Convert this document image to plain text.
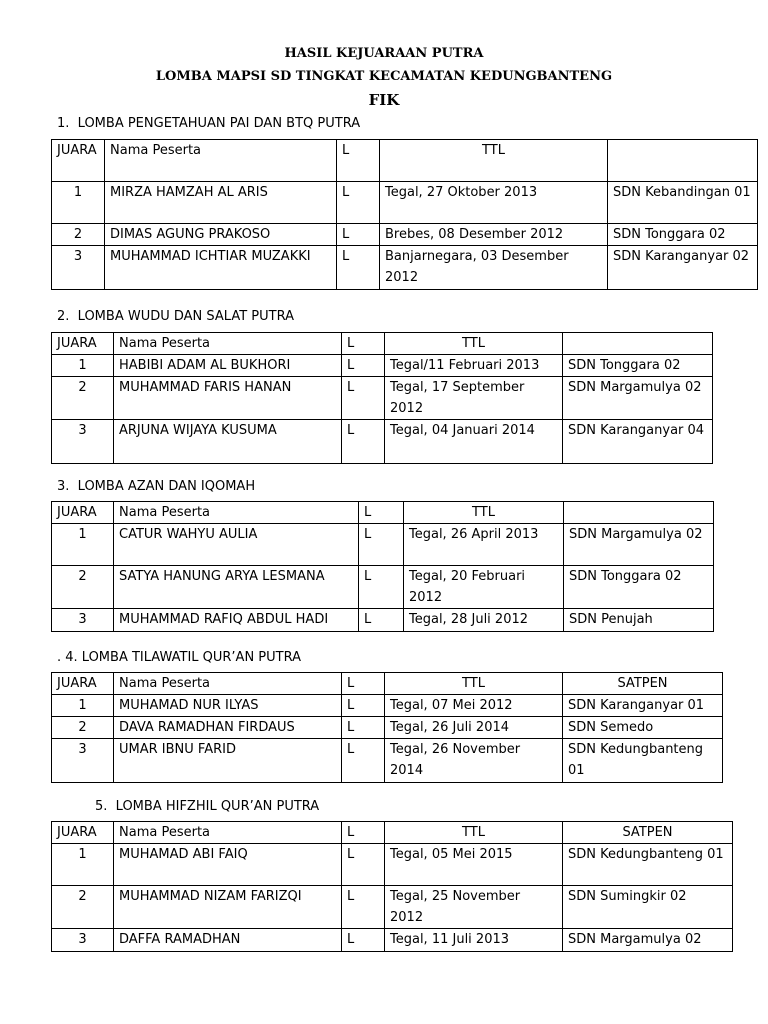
HASIL KEJUARAAN PUTRA
LOMBA MAPSI SD TINGKAT KECAMATAN KEDUNGBANTENG
FIK
1.  LOMBA PENGETAHUAN PAI DAN BTQ PUTRA
JUARA	Nama Peserta	L	TTL	
1	MIRZA HAMZAH AL ARIS	L	Tegal, 27 Oktober 2013	SDN Kebandingan 01
2	DIMAS AGUNG PRAKOSO	L	Brebes, 08 Desember 2012	SDN Tonggara 02
3	MUHAMMAD ICHTIAR MUZAKKI	L	Banjarnegara, 03 Desember 2012	SDN Karanganyar 02
2.  LOMBA WUDU DAN SALAT PUTRA
JUARA	Nama Peserta	L	TTL	
1	HABIBI ADAM AL BUKHORI	L	Tegal/11 Februari 2013	SDN Tonggara 02
2	MUHAMMAD FARIS HANAN	L	Tegal, 17 September 2012	SDN Margamulya 02
3	ARJUNA WIJAYA KUSUMA	L	Tegal, 04 Januari 2014	SDN Karanganyar 04
3.  LOMBA AZAN DAN IQOMAH
JUARA	Nama Peserta	L	TTL	
1	CATUR WAHYU AULIA	L	Tegal, 26 April 2013	SDN Margamulya 02
2	SATYA HANUNG ARYA LESMANA	L	Tegal, 20 Februari 2012	SDN Tonggara 02
3	MUHAMMAD RAFIQ ABDUL HADI	L	Tegal, 28 Juli 2012	SDN Penujah
. 4. LOMBA TILAWATIL QUR’AN PUTRA
JUARA	Nama Peserta	L	TTL	SATPEN
1	MUHAMAD NUR ILYAS	L	Tegal, 07 Mei 2012	SDN Karanganyar 01
2	DAVA RAMADHAN FIRDAUS	L	Tegal, 26 Juli 2014	SDN Semedo
3	UMAR IBNU FARID	L	Tegal, 26 November 2014	SDN Kedungbanteng 01
5.  LOMBA HIFZHIL QUR’AN PUTRA
JUARA	Nama Peserta	L	TTL	SATPEN
1	MUHAMAD ABI FAIQ	L	Tegal, 05 Mei 2015	SDN Kedungbanteng 01
2	MUHAMMAD NIZAM FARIZQI	L	Tegal, 25 November 2012	SDN Sumingkir 02
3	DAFFA RAMADHAN	L	Tegal, 11 Juli 2013	SDN Margamulya 02
